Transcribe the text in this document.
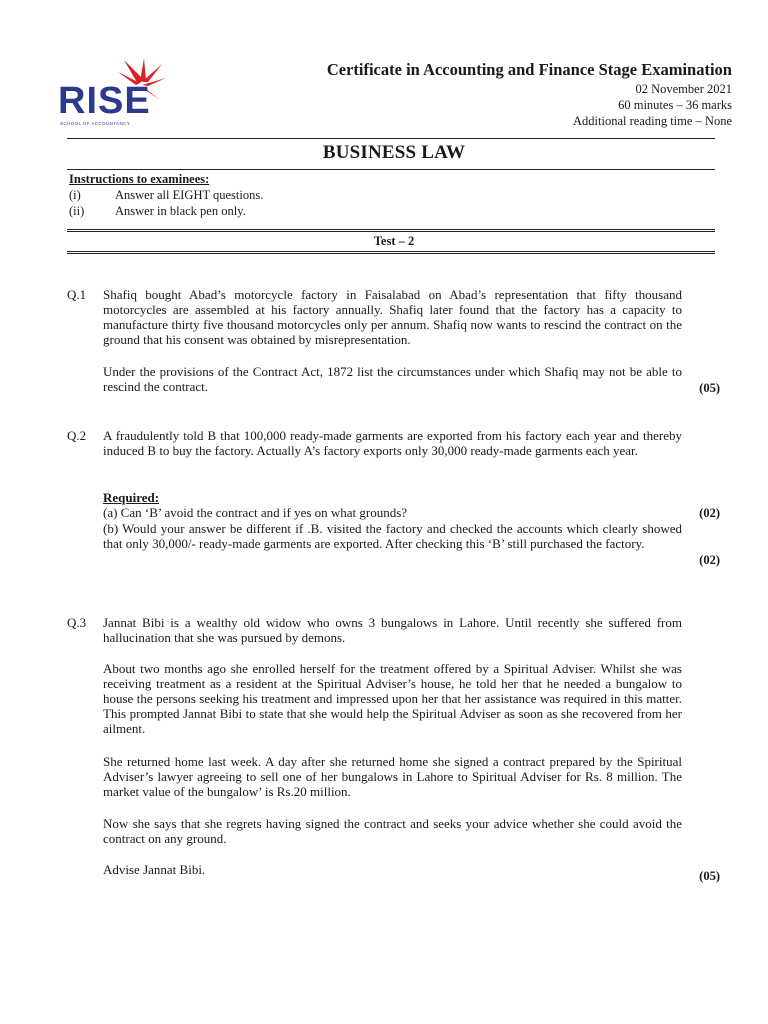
RISE
SCHOOL OF ACCOUNTANCY
Certificate in Accounting and Finance Stage Examination
02 November 2021
60 minutes – 36 marks
Additional reading time – None
BUSINESS LAW
Instructions to examinees:
(i)	Answer all EIGHT questions.
(ii) Answer in black pen only.
Test – 2
Q.1 Shafiq bought Abad’s motorcycle factory in Faisalabad on Abad’s representation that fifty thousand motorcycles are assembled at his factory annually. Shafiq later found that the factory has a capacity to manufacture thirty five thousand motorcycles only per annum. Shafiq now wants to rescind the contract on the ground that his consent was obtained by misrepresentation.
Under the provisions of the Contract Act, 1872 list the circumstances under which Shafiq may not be able to rescind the contract.	(05)
Q.2 A fraudulently told B that 100,000 ready-made garments are exported from his factory each year and thereby induced B to buy the factory. Actually A’s factory exports only 30,000 ready-made garments each year.
Required:
(a) Can ‘B’ avoid the contract and if yes on what grounds?	(02)
(b) Would your answer be different if .B. visited the factory and checked the accounts which clearly showed that only 30,000/- ready-made garments are exported. After checking this ‘B’ still purchased the factory.
(02)
Q.3 Jannat Bibi is a wealthy old widow who owns 3 bungalows in Lahore. Until recently she suffered from hallucination that she was pursued by demons.
About two months ago she enrolled herself for the treatment offered by a Spiritual Adviser. Whilst she was receiving treatment as a resident at the Spiritual Adviser’s house, he told her that he needed a bungalow to house the persons seeking his treatment and impressed upon her that her assistance was required in this matter. This prompted Jannat Bibi to state that she would help the Spiritual Adviser as soon as she recovered from her ailment.
She returned home last week. A day after she returned home she signed a contract prepared by the Spiritual Adviser’s lawyer agreeing to sell one of her bungalows in Lahore to Spiritual Adviser for Rs. 8 million. The market value of the bungalow’ is Rs.20 million.
Now she says that she regrets having signed the contract and seeks your advice whether she could avoid the contract on any ground.
Advise Jannat Bibi.	(05)
